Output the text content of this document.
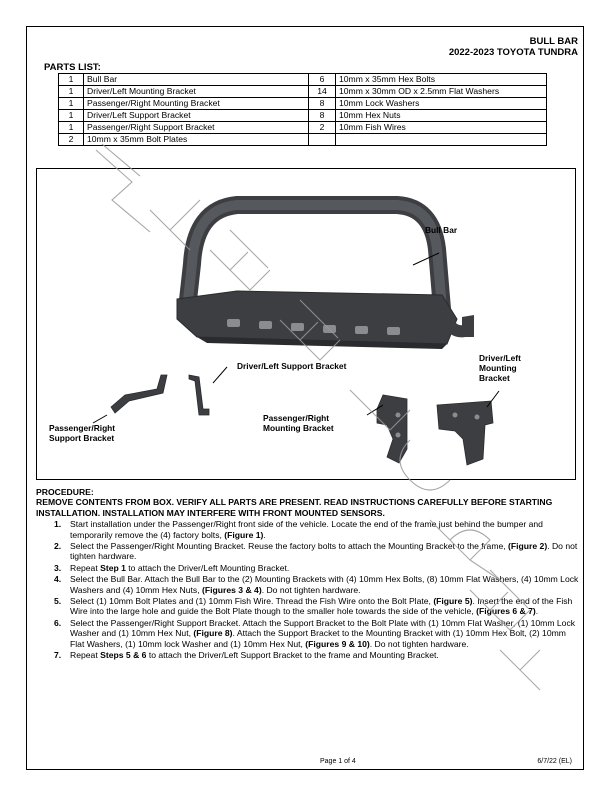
BULL BAR
2022-2023 TOYOTA TUNDRA
PARTS LIST:
1	Bull Bar	6	10mm x 35mm Hex Bolts
1	Driver/Left Mounting Bracket	14	10mm x 30mm OD x 2.5mm Flat Washers
1	Passenger/Right Mounting Bracket	8	10mm Lock Washers
1	Driver/Left Support Bracket	8	10mm Hex Nuts
1	Passenger/Right Support Bracket	2	10mm Fish Wires
2	10mm x 35mm Bolt Plates		
Bull Bar
Driver/Left Support Bracket
Driver/Left Mounting Bracket
Passenger/Right Support Bracket
Passenger/Right Mounting Bracket
PROCEDURE:
REMOVE CONTENTS FROM BOX. VERIFY ALL PARTS ARE PRESENT. READ INSTRUCTIONS CAREFULLY BEFORE STARTING INSTALLATION. INSTALLATION MAY INTERFERE WITH FRONT MOUNTED SENSORS.
1. Start installation under the Passenger/Right front side of the vehicle. Locate the end of the frame just behind the bumper and temporarily remove the (4) factory bolts, (Figure 1).
2. Select the Passenger/Right Mounting Bracket. Reuse the factory bolts to attach the Mounting Bracket to the frame, (Figure 2). Do not tighten hardware.
3. Repeat Step 1 to attach the Driver/Left Mounting Bracket.
4. Select the Bull Bar. Attach the Bull Bar to the (2) Mounting Brackets with (4) 10mm Hex Bolts, (8) 10mm Flat Washers, (4) 10mm Lock Washers and (4) 10mm Hex Nuts, (Figures 3 & 4). Do not tighten hardware.
5. Select (1) 10mm Bolt Plates and (1) 10mm Fish Wire. Thread the Fish Wire onto the Bolt Plate, (Figure 5). Insert the end of the Fish Wire into the large hole and guide the Bolt Plate though to the smaller hole towards the side of the vehicle, (Figures 6 & 7).
6. Select the Passenger/Right Support Bracket. Attach the Support Bracket to the Bolt Plate with (1) 10mm Flat Washer, (1) 10mm Lock Washer and (1) 10mm Hex Nut, (Figure 8). Attach the Support Bracket to the Mounting Bracket with (1) 10mm Hex Bolt, (2) 10mm Flat Washers, (1) 10mm lock Washer and (1) 10mm Hex Nut, (Figures 9 & 10). Do not tighten hardware.
7. Repeat Steps 5 & 6 to attach the Driver/Left Support Bracket to the frame and Mounting Bracket.
Page 1 of 4	6/7/22 (EL)
